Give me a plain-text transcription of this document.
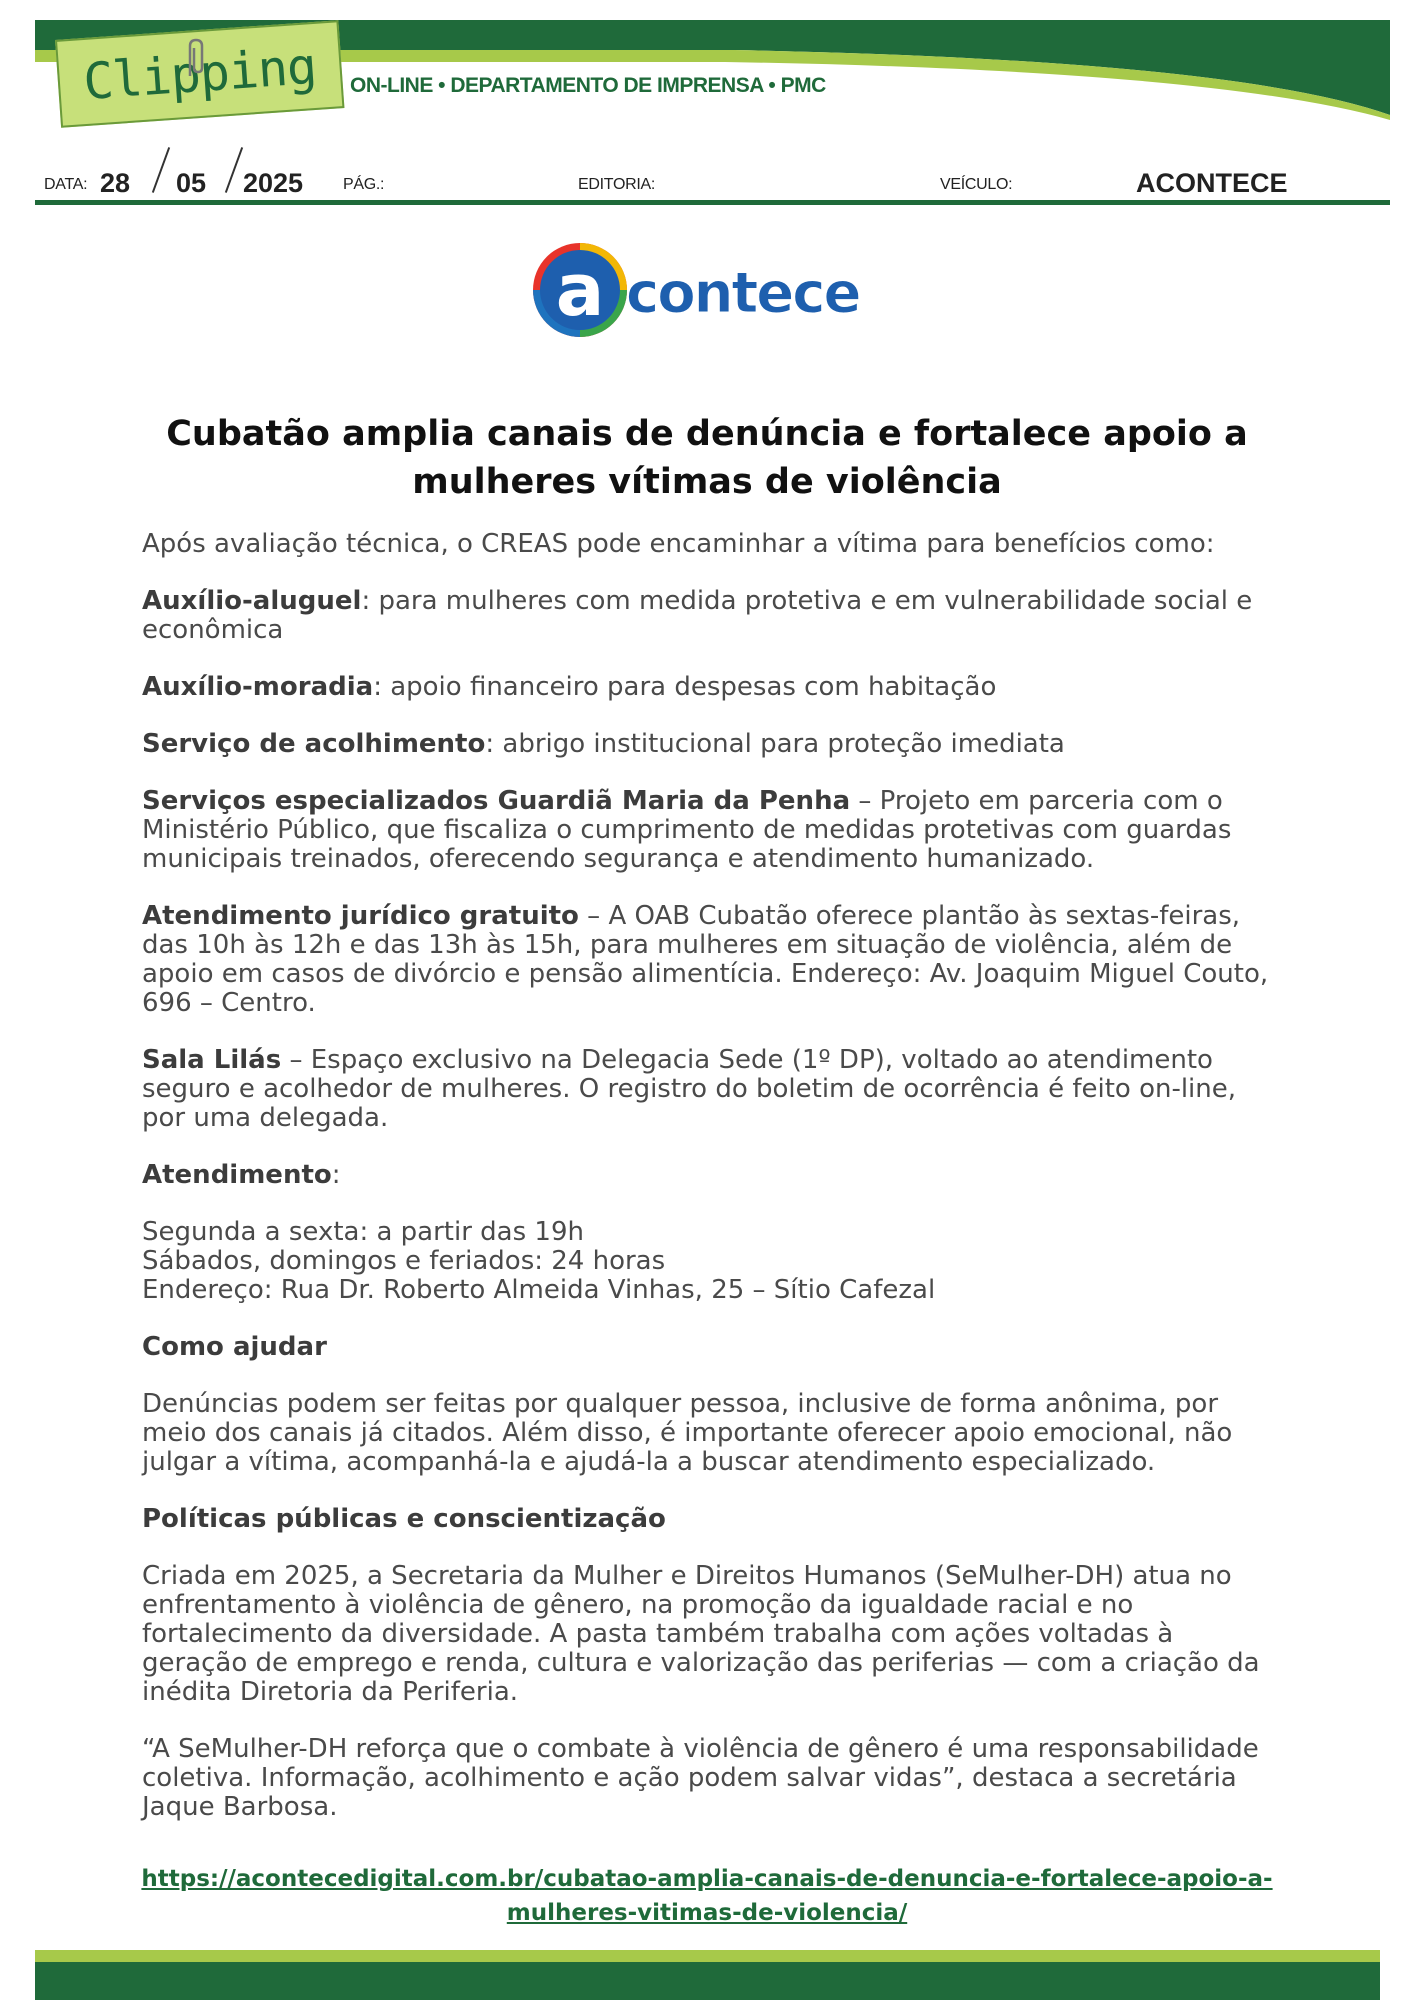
Clipping ON-LINE • DEPARTAMENTO DE IMPRENSA • PMC
DATA: 28 05 2025 PÁG.:	EDITORIA:	VEÍCULO:	ACONTECE
a contece
Cubatão amplia canais de denúncia e fortalece apoio a mulheres vítimas de violência

Após avaliação técnica, o CREAS pode encaminhar a vítima para benefícios como:

Auxílio-aluguel: para mulheres com medida protetiva e em vulnerabilidade social e econômica

Auxílio-moradia: apoio financeiro para despesas com habitação

Serviço de acolhimento: abrigo institucional para proteção imediata

Serviços especializados Guardiã Maria da Penha – Projeto em parceria com o Ministério Público, que fiscaliza o cumprimento de medidas protetivas com guardas municipais treinados, oferecendo segurança e atendimento humanizado.

Atendimento jurídico gratuito – A OAB Cubatão oferece plantão às sextas-feiras, das 10h às 12h e das 13h às 15h, para mulheres em situação de violência, além de apoio em casos de divórcio e pensão alimentícia. Endereço: Av. Joaquim Miguel Couto, 696 – Centro.

Sala Lilás – Espaço exclusivo na Delegacia Sede (1º DP), voltado ao atendimento seguro e acolhedor de mulheres. O registro do boletim de ocorrência é feito on-line, por uma delegada.

Atendimento:

Segunda a sexta: a partir das 19h
Sábados, domingos e feriados: 24 horas
Endereço: Rua Dr. Roberto Almeida Vinhas, 25 – Sítio Cafezal

Como ajudar

Denúncias podem ser feitas por qualquer pessoa, inclusive de forma anônima, por meio dos canais já citados. Além disso, é importante oferecer apoio emocional, não julgar a vítima, acompanhá-la e ajudá-la a buscar atendimento especializado.

Políticas públicas e conscientização

Criada em 2025, a Secretaria da Mulher e Direitos Humanos (SeMulher-DH) atua no enfrentamento à violência de gênero, na promoção da igualdade racial e no fortalecimento da diversidade. A pasta também trabalha com ações voltadas à geração de emprego e renda, cultura e valorização das periferias — com a criação da inédita Diretoria da Periferia.

“A SeMulher-DH reforça que o combate à violência de gênero é uma responsabilidade coletiva. Informação, acolhimento e ação podem salvar vidas”, destaca a secretária Jaque Barbosa.

https://acontecedigital.com.br/cubatao-amplia-canais-de-denuncia-e-fortalece-apoio-a-mulheres-vitimas-de-violencia/
